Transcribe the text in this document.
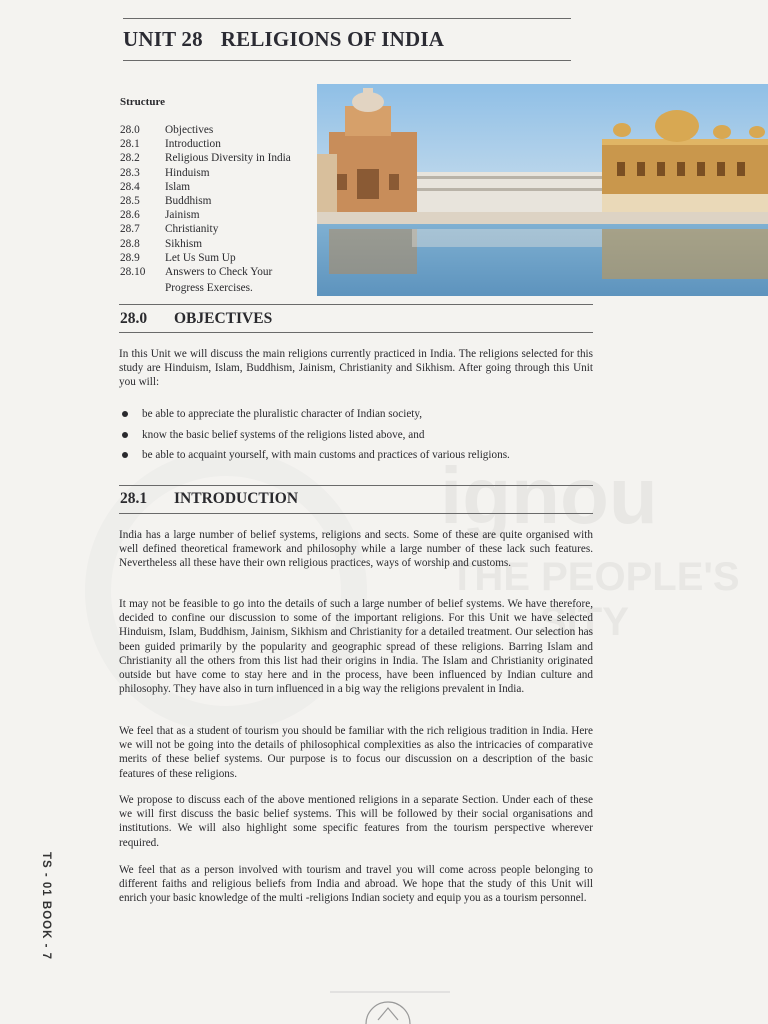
ignou
THE PEOPLE'S
SITY
UNIT 28 RELIGIONS OF INDIA
Structure
28.0	Objectives
28.1	Introduction
28.2	Religious Diversity in India
28.3	Hinduism
28.4	Islam
28.5	Buddhism
28.6	Jainism
28.7	Christianity
28.8	Sikhism
28.9	Let Us Sum Up
28.10	Answers to Check Your
Progress Exercises.
28.0 OBJECTIVES

In this Unit we will discuss the main religions currently practiced in India. The religions selected for this study are Hinduism, Islam, Buddhism, Jainism, Christianity and Sikhism. After going through this Unit you will:

be able to appreciate the pluralistic character of Indian society,
know the basic belief systems of the religions listed above, and
be able to acquaint yourself, with main customs and practices of various religions.
28.1 INTRODUCTION

India has a large number of belief systems, religions and sects. Some of these are quite organised with well defined theoretical framework and philosophy while a large number of these lack such features. Nevertheless all these have their own religious practices, ways of worship and customs.

It may not be feasible to go into the details of such a large number of belief systems. We have therefore, decided to confine our discussion to some of the important religions. For this Unit we have selected Hinduism, Islam, Buddhism, Jainism, Sikhism and Christianity for a detailed treatment. Our selection has been guided primarily by the popularity and geographic spread of these religions. Barring Islam and Christianity all the others from this list had their origins in India. The Islam and Christianity originated outside but have come to stay here and in the process, have been influenced by Indian culture and philosophy. They have also in turn influenced in a big way the religions prevalent in India.

We feel that as a student of tourism you should be familiar with the rich religious tradition in India. Here we will not be going into the details of philosophical complexities as also the intricacies of comparative merits of these belief systems. Our purpose is to focus our discussion on a description of the basic features of these religions.

We propose to discuss each of the above mentioned religions in a separate Section. Under each of these we will first discuss the basic belief systems. This will be followed by their social organisations and institutions. We will also highlight some specific features from the tourism perspective wherever required.

We feel that as a person involved with tourism and travel you will come across people belonging to different faiths and religious beliefs from India and abroad. We hope that the study of this Unit will enrich your basic knowledge of the multi -religions Indian society and equip you as a tourism personnel.

TS - 01 BOOK - 7
